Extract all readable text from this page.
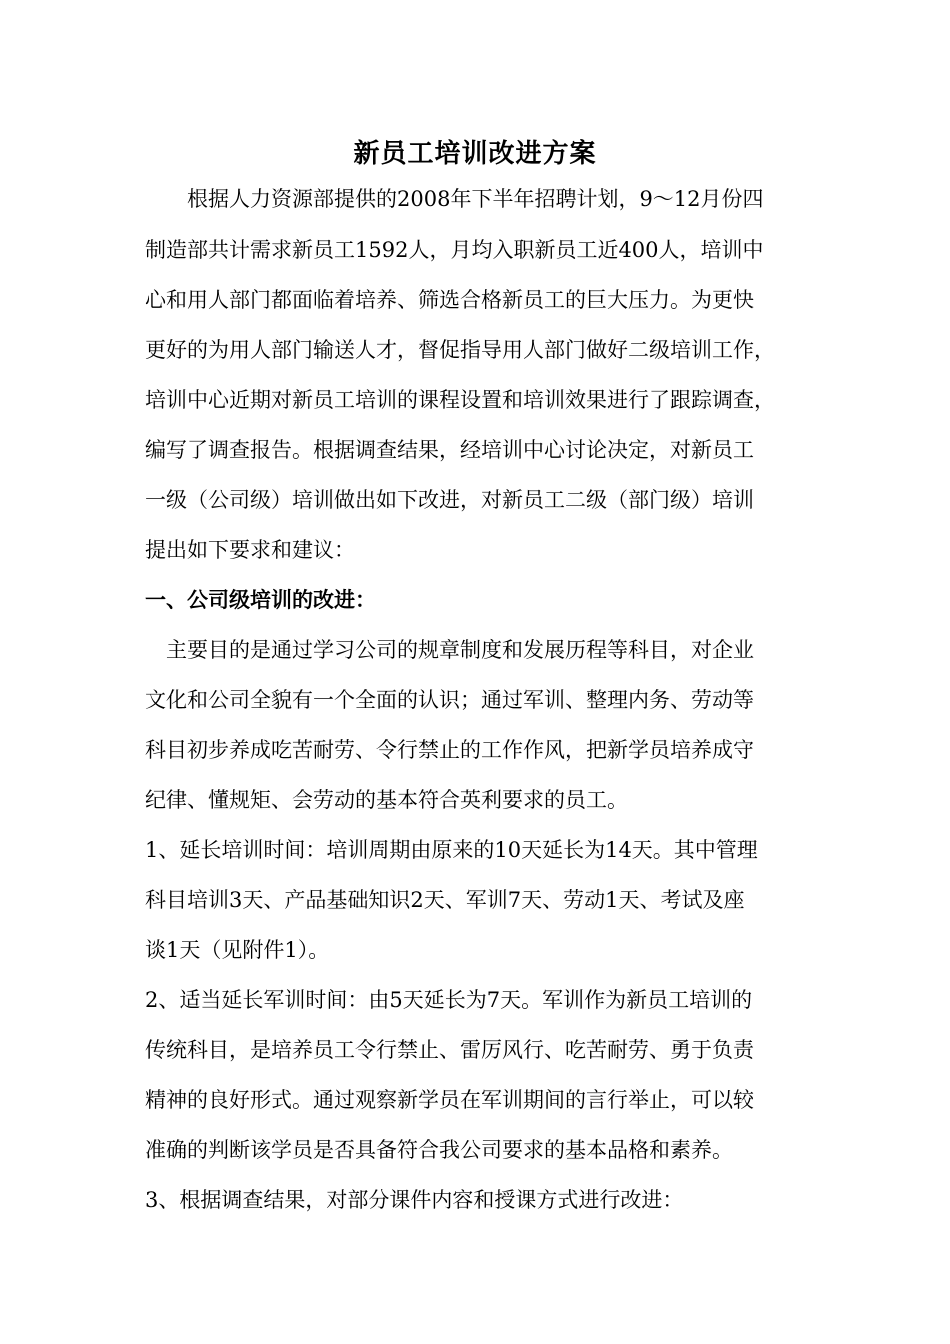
新员工培训改进方案
　　根据人力资源部提供的2008年下半年招聘计划，9～12月份四
制造部共计需求新员工1592人，月均入职新员工近400人，培训中
心和用人部门都面临着培养、筛选合格新员工的巨大压力。为更快
更好的为用人部门输送人才，督促指导用人部门做好二级培训工作，
培训中心近期对新员工培训的课程设置和培训效果进行了跟踪调查，
编写了调查报告。根据调查结果，经培训中心讨论决定，对新员工
一级（公司级）培训做出如下改进，对新员工二级（部门级）培训
提出如下要求和建议：
一、公司级培训的改进：
　主要目的是通过学习公司的规章制度和发展历程等科目，对企业
文化和公司全貌有一个全面的认识；通过军训、整理内务、劳动等
科目初步养成吃苦耐劳、令行禁止的工作作风，把新学员培养成守
纪律、懂规矩、会劳动的基本符合英利要求的员工。
1、延长培训时间：培训周期由原来的10天延长为14天。其中管理
科目培训3天、产品基础知识2天、军训7天、劳动1天、考试及座
谈1天（见附件1）。
2、适当延长军训时间：由5天延长为7天。军训作为新员工培训的
传统科目，是培养员工令行禁止、雷厉风行、吃苦耐劳、勇于负责
精神的良好形式。通过观察新学员在军训期间的言行举止，可以较
准确的判断该学员是否具备符合我公司要求的基本品格和素养。
3、根据调查结果，对部分课件内容和授课方式进行改进：
